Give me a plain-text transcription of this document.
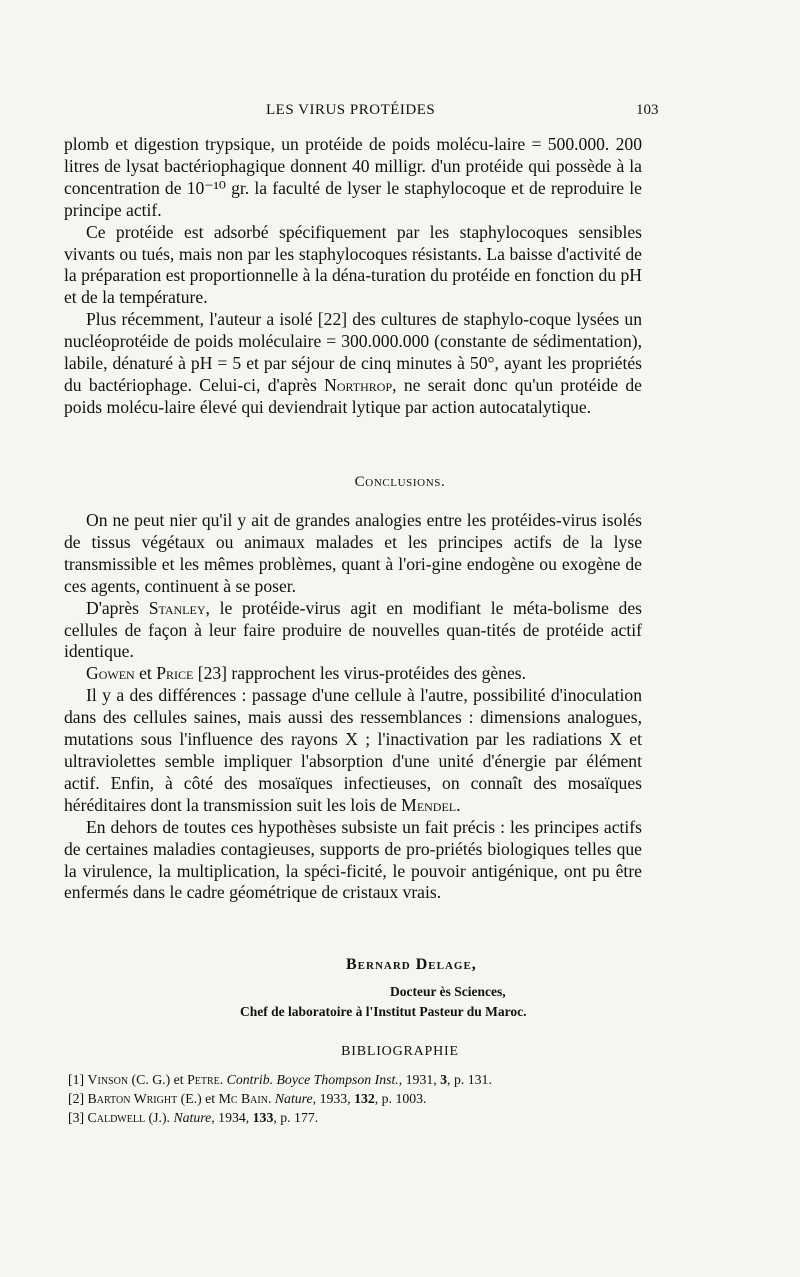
LES VIRUS PROTÉIDES	103

plomb et digestion trypsique, un protéide de poids molécu-laire = 500.000. 200 litres de lysat bactériophagique donnent 40 milligr. d'un protéide qui possède à la concentration de 10⁻¹⁰ gr. la faculté de lyser le staphylocoque et de reproduire le principe actif.

Ce protéide est adsorbé spécifiquement par les staphylocoques sensibles vivants ou tués, mais non par les staphylocoques résistants. La baisse d'activité de la préparation est proportionnelle à la déna-turation du protéide en fonction du pH et de la température.

Plus récemment, l'auteur a isolé [22] des cultures de staphylo-coque lysées un nucléoprotéide de poids moléculaire = 300.000.000 (constante de sédimentation), labile, dénaturé à pH = 5 et par séjour de cinq minutes à 50°, ayant les propriétés du bactériophage. Celui-ci, d'après Northrop, ne serait donc qu'un protéide de poids molécu-laire élevé qui deviendrait lytique par action autocatalytique.

Conclusions.

On ne peut nier qu'il y ait de grandes analogies entre les protéides-virus isolés de tissus végétaux ou animaux malades et les principes actifs de la lyse transmissible et les mêmes problèmes, quant à l'ori-gine endogène ou exogène de ces agents, continuent à se poser.

D'après Stanley, le protéide-virus agit en modifiant le méta-bolisme des cellules de façon à leur faire produire de nouvelles quan-tités de protéide actif identique.

Gowen et Price [23] rapprochent les virus-protéides des gènes.

Il y a des différences : passage d'une cellule à l'autre, possibilité d'inoculation dans des cellules saines, mais aussi des ressemblances : dimensions analogues, mutations sous l'influence des rayons X ; l'inactivation par les radiations X et ultraviolettes semble impliquer l'absorption d'une unité d'énergie par élément actif. Enfin, à côté des mosaïques infectieuses, on connaît des mosaïques héréditaires dont la transmission suit les lois de Mendel.

En dehors de toutes ces hypothèses subsiste un fait précis : les principes actifs de certaines maladies contagieuses, supports de pro-priétés biologiques telles que la virulence, la multiplication, la spéci-ficité, le pouvoir antigénique, ont pu être enfermés dans le cadre géométrique de cristaux vrais.

Bernard Delage,
Docteur ès Sciences,
Chef de laboratoire à l'Institut Pasteur du Maroc.
BIBLIOGRAPHIE
[1] Vinson (C. G.) et Petre. Contrib. Boyce Thompson Inst., 1931, 3, p. 131.
[2] Barton Wright (E.) et Mc Bain. Nature, 1933, 132, p. 1003.
[3] Caldwell (J.). Nature, 1934, 133, p. 177.
